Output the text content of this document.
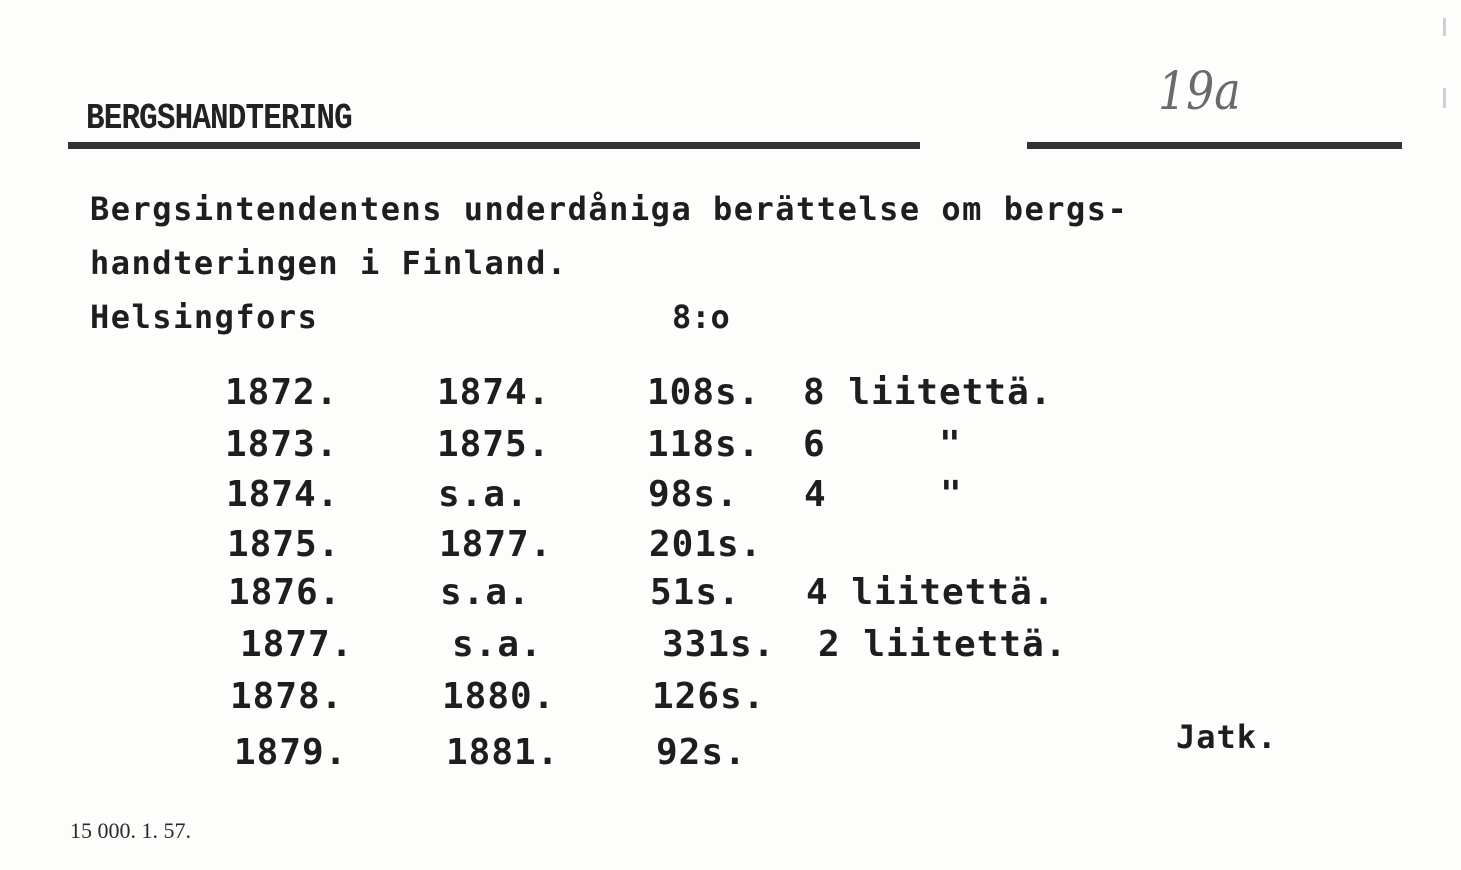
BERGSHANDTERING	19a
Bergsintendentens underdåniga berättelse om bergs-
handteringen i Finland.
Helsingfors	8:o
1872.	1874.	108s. 8 liitettä.
1873.	1875.	118s. 6     "
1874.	s.a.	98s. 4     "
1875.	1877.	201s.
1876.	s.a.	51s. 4 liitettä.
1877.	s.a.	331s. 2 liitettä.
1878.	1880.	126s.
1879.	1881.	92s.	Jatk.
15 000. 1. 57.
